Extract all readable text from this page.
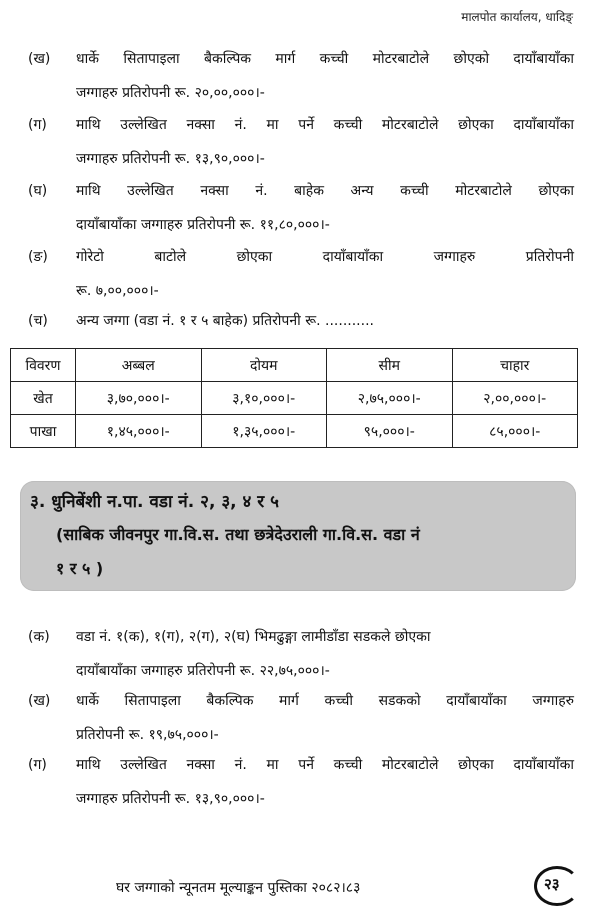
मालपोत कार्यालय, धादिङ्
(ख) धार्के सितापाइला बैकल्पिक मार्ग कच्ची मोटरबाटोले छोएको दायाँबायाँका
जग्गाहरु प्रतिरोपनी रू. २०,००,०००।-
(ग) माथि उल्लेखित नक्सा नं. मा पर्ने कच्ची मोटरबाटोले छोएका दायाँबायाँका
जग्गाहरु प्रतिरोपनी रू. १३,९०,०००।-
(घ) माथि उल्लेखित नक्सा नं. बाहेक अन्य कच्ची मोटरबाटोले छोएका
दायाँबायाँका जग्गाहरु प्रतिरोपनी रू. ११,८०,०००।-
(ङ) गोरेटो बाटोले छोएका दायाँबायाँका जग्गाहरु प्रतिरोपनी
रू. ७,००,०००।-
(च) अन्य जग्गा (वडा नं. १ र ५ बाहेक) प्रतिरोपनी रू. ...........
विवरण	अब्बल	दोयम	सीम	चाहार
खेत	३,७०,०००।-	३,१०,०००।-	२,७५,०००।-	२,००,०००।-
पाखा	१,४५,०००।-	१,३५,०००।-	९५,०००।-	८५,०००।-
३. धुनिबेंशी न.पा. वडा नं. २, ३, ४ र ५
(साबिक जीवनपुर गा.वि.स. तथा छत्रेदेउराली गा.वि.स. वडा नं
१ र ५ )
(क) वडा नं. १(क), १(ग), २(ग), २(घ) भिमढुङ्गा लामीडाँडा सडकले छोएका
दायाँबायाँका जग्गाहरु प्रतिरोपनी रू. २२,७५,०००।-
(ख) धार्के सितापाइला बैकल्पिक मार्ग कच्ची सडकको दायाँबायाँका जग्गाहरु
प्रतिरोपनी रू. १९,७५,०००।-
(ग) माथि उल्लेखित नक्सा नं. मा पर्ने कच्ची मोटरबाटोले छोएका दायाँबायाँका
जग्गाहरु प्रतिरोपनी रू. १३,९०,०००।-
घर जग्गाको न्यूनतम मूल्याङ्कन पुस्तिका २०८२।८३	२३
